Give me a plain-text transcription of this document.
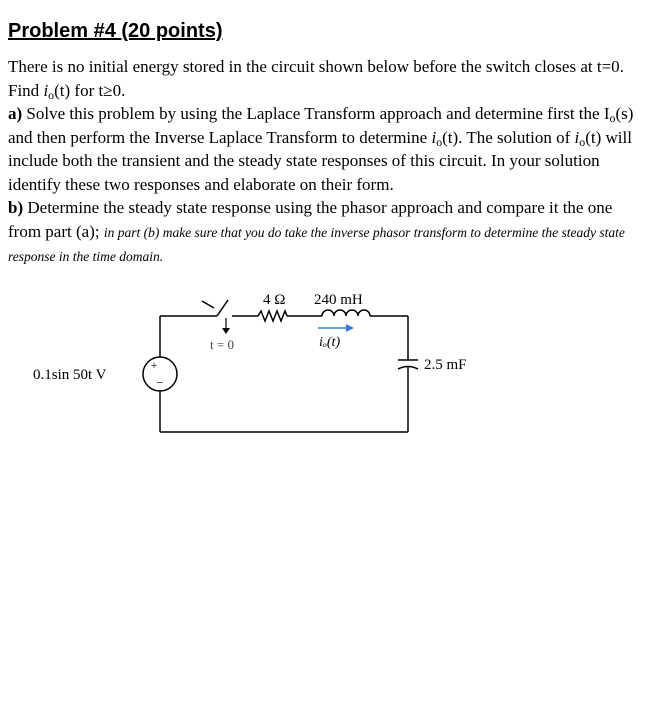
Problem #4 (20 points)

There is no initial energy stored in the circuit shown below before the switch closes at t=0. Find $i_o(t)$ for t≥0.

a) Solve this problem by using the Laplace Transform approach and determine first the $I_o(s)$ and then perform the Inverse Laplace Transform to determine $i_o(t)$. The solution of $i_o(t)$ will include both the transient and the steady state responses of this circuit. In your solution identify these two responses and elaborate on their form.

b) Determine the steady state response using the phasor approach and compare it the one from part (a); in part (b) make sure that you do take the inverse phasor transform to determine the steady state response in the time domain.

+
−
0.1sin 50t V
t = 0
4 Ω 240 mH
iₒ(t)
2.5 mF
